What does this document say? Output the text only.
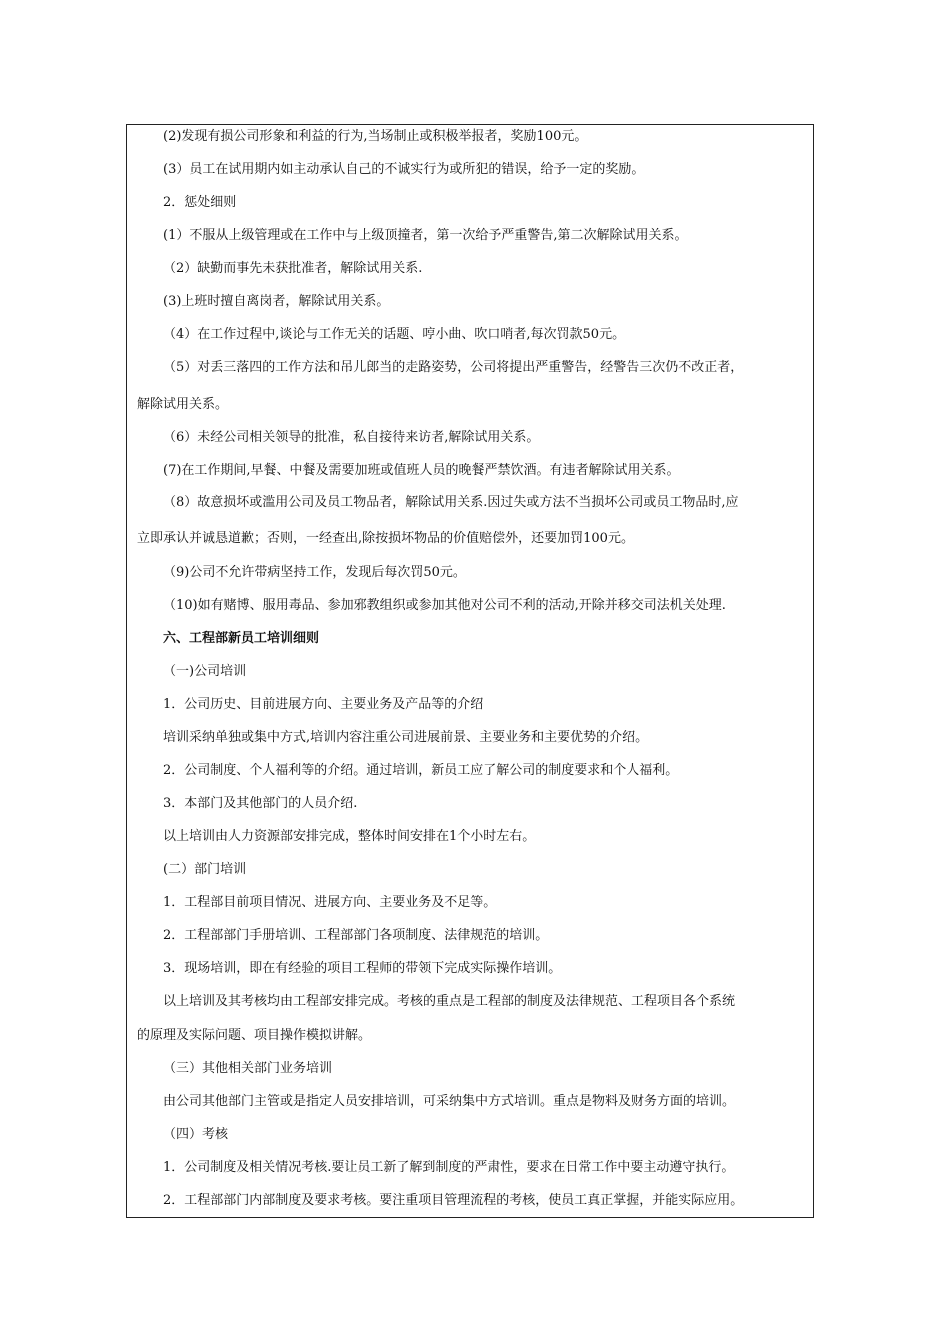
(2)发现有损公司形象和利益的行为,当场制止或积极举报者，奖励100元。
(3）员工在试用期内如主动承认自己的不诚实行为或所犯的错误，给予一定的奖励。
2．惩处细则
(1）不服从上级管理或在工作中与上级顶撞者，第一次给予严重警告,第二次解除试用关系。
（2）缺勤而事先未获批准者，解除试用关系.
(3)上班时擅自离岗者，解除试用关系。
（4）在工作过程中,谈论与工作无关的话题、哼小曲、吹口哨者,每次罚款50元。
（5）对丢三落四的工作方法和吊儿郎当的走路姿势，公司将提出严重警告，经警告三次仍不改正者，
解除试用关系。
（6）未经公司相关领导的批准，私自接待来访者,解除试用关系。
(7)在工作期间,早餐、中餐及需要加班或值班人员的晚餐严禁饮酒。有违者解除试用关系。
（8）故意损坏或滥用公司及员工物品者，解除试用关系.因过失或方法不当损坏公司或员工物品时,应
立即承认并诚恳道歉；否则，一经查出,除按损坏物品的价值赔偿外，还要加罚100元。
（9)公司不允许带病坚持工作，发现后每次罚50元。
（10)如有赌博、服用毒品、参加邪教组织或参加其他对公司不利的活动,开除并移交司法机关处理.
六、工程部新员工培训细则
（一)公司培训
1．公司历史、目前进展方向、主要业务及产品等的介绍
培训采纳单独或集中方式,培训内容注重公司进展前景、主要业务和主要优势的介绍。
2．公司制度、个人福利等的介绍。通过培训，新员工应了解公司的制度要求和个人福利。
3．本部门及其他部门的人员介绍.
以上培训由人力资源部安排完成，整体时间安排在1个小时左右。
(二）部门培训
1．工程部目前项目情况、进展方向、主要业务及不足等。
2．工程部部门手册培训、工程部部门各项制度、法律规范的培训。
3．现场培训，即在有经验的项目工程师的带领下完成实际操作培训。
以上培训及其考核均由工程部安排完成。考核的重点是工程部的制度及法律规范、工程项目各个系统
的原理及实际问题、项目操作模拟讲解。
（三）其他相关部门业务培训
由公司其他部门主管或是指定人员安排培训，可采纳集中方式培训。重点是物料及财务方面的培训。
（四）考核
1．公司制度及相关情况考核.要让员工新了解到制度的严肃性，要求在日常工作中要主动遵守执行。
2．工程部部门内部制度及要求考核。要注重项目管理流程的考核，使员工真正掌握，并能实际应用。
